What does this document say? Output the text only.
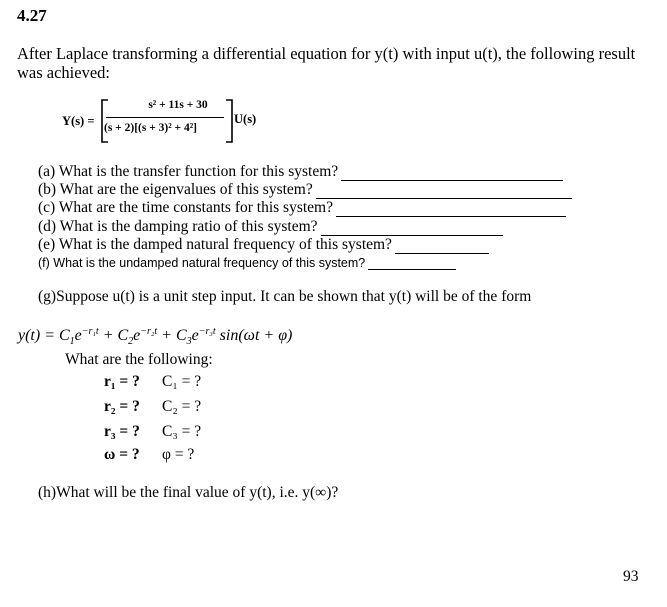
4.27
After Laplace transforming a differential equation for y(t) with input u(t), the following result was achieved:
Y(s) =
s² + 11s + 30
(s + 2)[(s + 3)² + 4²]
U(s)
(a) What is the transfer function for this system?
(b) What are the eigenvalues of this system?
(c) What are the time constants for this system?
(d) What is the damping ratio of this system?
(e) What is the damped natural frequency of this system?
(f) What is the undamped natural frequency of this system?
(g)Suppose u(t) is a unit step input. It can be shown that y(t) will be of the form
$y(t) = C_1e^{-r_1t} + C_2e^{-r_2t} + C_3e^{-r_3t}$ sin(ωt + φ)
What are the following:
r₁ = ? C₁ = ?
r₂ = ? C₂ = ?
r₃ = ? C₃ = ?
ω = ? φ = ?
(h)What will be the final value of y(t), i.e. y(∞)?
93
